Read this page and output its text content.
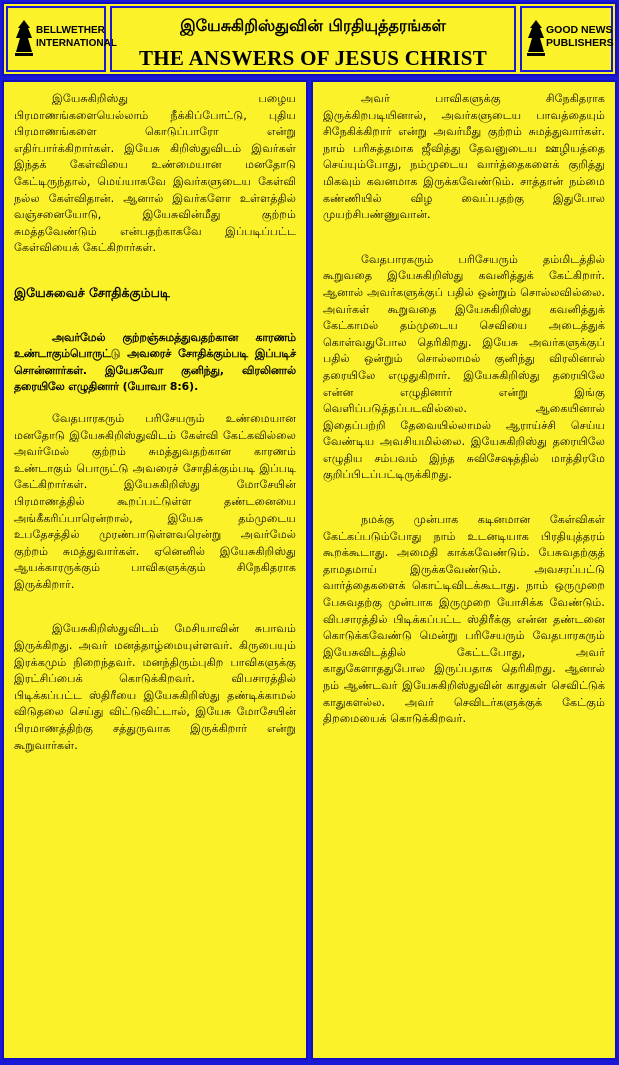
BELLWETHER
INTERNATIONAL
இயேசுகிறிஸ்துவின் பிரதியுத்தரங்கள்
THE ANSWERS OF JESUS CHRIST
GOOD NEWS
PUBLISHERS

இயேசுகிறிஸ்து பழைய பிரமாணங்களையெல்லாம் நீக்கிப்போட்டு, புதிய பிரமாணங்களை கொடுப்பாரோ என்று எதிர்பார்க்கிறார்கள். இயேசு கிறிஸ்துவிடம் இவர்கள் இந்தக் கேள்வியை உண்மையான மனதோடு கேட்டிருந்தால், மெய்யாகவே இவர்களுடைய கேள்வி நல்ல கேள்விதான். ஆனால் இவர்களோ உள்ளத்தில் வஞ்சனையோடு, இயேசுவின்மீது குற்றம் சுமத்தவேண்டும் என்பதற்காகவே இப்படிப்பட்ட கேள்வியைக் கேட்கிறார்கள்.

இயேசுவைச் சோதிக்கும்படி

அவர்மேல் குற்றஞ்சுமத்துவதற்கான காரணம் உண்டாகும்பொருட்டு அவரைச் சோதிக்கும்படி இப்படிச் சொன்னார்கள். இயேசுவோ குனிந்து, விரலினால் தரையிலே எழுதினார் (யோவா 8:6).

வேதபாரகரும் பரிசேயரும் உண்மையான மனதோடு இயேசுகிறிஸ்துவிடம் கேள்வி கேட்கவில்லை அவர்மேல் குற்றம் சுமத்துவதற்கான காரணம் உண்டாகும் பொருட்டு அவரைச் சோதிக்கும்படி இப்படி கேட்கிறார்கள். இயேசுகிறிஸ்து மோசேயின் பிரமாணத்தில் கூறப்பட்டுள்ள தண்டனையை அங்கீகரிப்பாரென்றால், இயேசு தம்முடைய உபதேசத்தில் முரண்பாடுள்ளவரென்று அவர்மேல் குற்றம் சுமத்துவார்கள். ஏனெனில் இயேசுகிறிஸ்து ஆயக்காரருக்கும் பாவிகளுக்கும் சிநேகிதராக இருக்கிறார்.

இயேசுகிறிஸ்துவிடம் மேசியாவின் சுபாவம் இருக்கிறது. அவர் மனத்தாழ்மையுள்ளவர். கிருபையும் இரக்கமும் நிறைந்தவர். மனந்திரும்புகிற பாவிகளுக்கு இரட்சிப்பைக் கொடுக்கிறவர். விபசாரத்தில் பிடிக்கப்பட்ட ஸ்திரீயை இயேசுகிறிஸ்து தண்டிக்காமல் விடுதலை செய்து விட்டுவிட்டால், இயேசு மோசேயின் பிரமாணத்திற்கு சத்துருவாக இருக்கிறார் என்று கூறுவார்கள்.

அவர் பாவிகளுக்கு சிநேகிதராக இருக்கிறபடியினால், அவர்களுடைய பாவத்தையும் சிநேகிக்கிறார் என்று அவர்மீது குற்றம் சுமத்துவார்கள். நாம் பரிசுத்தமாக ஜீவித்து தேவனுடைய ஊழியத்தை செய்யும்போது, நம்முடைய வார்த்தைகளைக் குறித்து மிகவும் கவனமாக இருக்கவேண்டும். சாத்தான் நம்மை கண்ணியில் விழ வைப்பதற்கு இதுபோல முயற்சிபண்ணுவான்.

வேதபாரகரும் பரிசேயரும் தம்மிடத்தில் கூறுவதை இயேசுகிறிஸ்து கவனித்துக் கேட்கிறார். ஆனால் அவர்களுக்குப் பதில் ஒன்றும் சொல்லவில்லை. அவர்கள் கூறுவதை இயேசுகிறிஸ்து கவனித்துக் கேட்காமல் தம்முடைய செவியை அடைத்துக் கொள்வதுபோல தெரிகிறது. இயேசு அவர்களுக்குப் பதில் ஒன்றும் சொல்லாமல் குனிந்து விரலினால் தரையிலே எழுதுகிறார். இயேசுகிறிஸ்து தரையிலே என்ன எழுதினார் என்று இங்கு வெளிப்படுத்தப்படவில்லை. ஆகையினால் இதைப்பற்றி தேவையில்லாமல் ஆராய்ச்சி செய்ய வேண்டிய அவசியமில்லை. இயேசுகிறிஸ்து தரையிலே எழுதிய சம்பவம் இந்த சுவிசேஷத்தில் மாத்திரமே குறிப்பிடப்பட்டிருக்கிறது.

நமக்கு முன்பாக கடினமான கேள்விகள் கேட்கப்படும்போது நாம் உடனடியாக பிரதியுத்தரம் கூறக்கூடாது. அமைதி காக்கவேண்டும். பேசுவதற்குத் தாமதமாய் இருக்கவேண்டும். அவசரப்பட்டு வார்த்தைகளைக் கொட்டிவிடக்கூடாது. நாம் ஒருமுறை பேசுவதற்கு முன்பாக இருமுறை யோசிக்க வேண்டும். விபசாரத்தில் பிடிக்கப்பட்ட ஸ்திரீக்கு என்ன தண்டனை கொடுக்கவேண்டு மென்று பரிசேயரும் வேதபாரகரும் இயேசுவிடத்தில் கேட்டபோது, அவர் காதுகேளாததுபோல இருப்பதாக தெரிகிறது. ஆனால் நம் ஆண்டவர் இயேசுகிறிஸ்துவின் காதுகள் செவிட்டுக் காதுகளல்ல. அவர் செவிடர்களுக்குக் கேட்கும் திறமையைக் கொடுக்கிறவர்.
